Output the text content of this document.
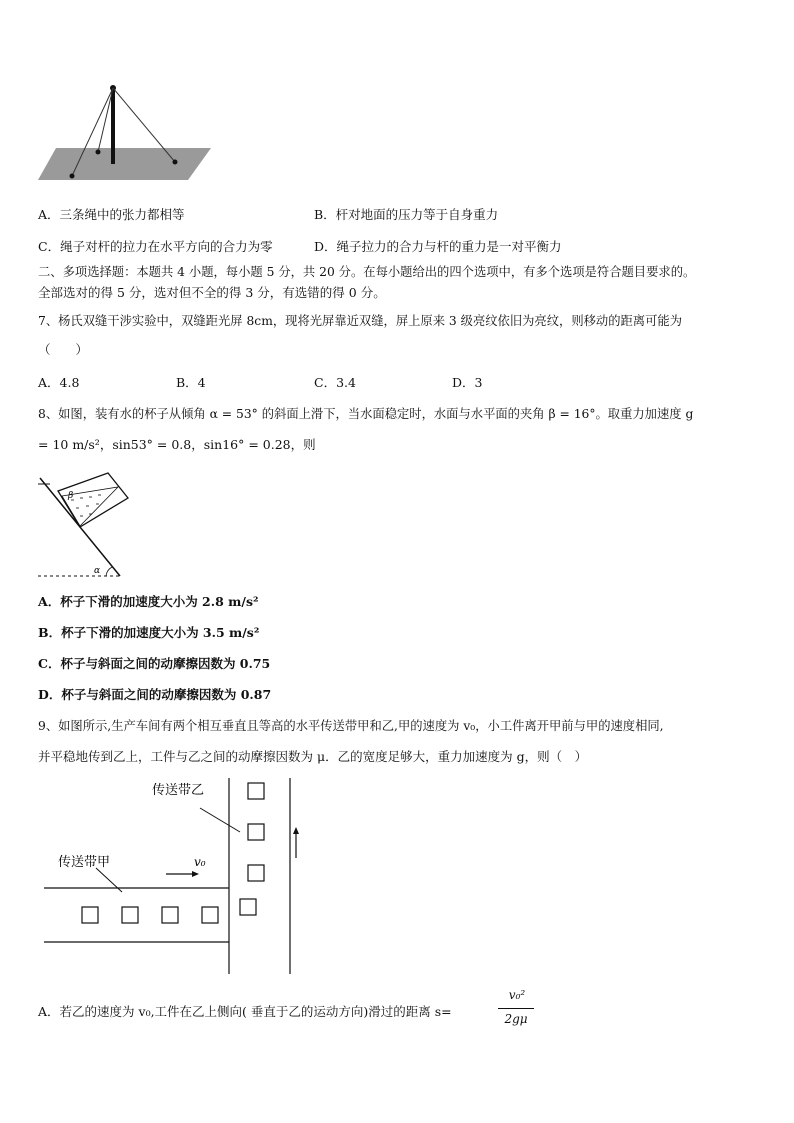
A．三条绳中的张力都相等	B．杆对地面的压力等于自身重力
C．绳子对杆的拉力在水平方向的合力为零	D．绳子拉力的合力与杆的重力是一对平衡力
二、多项选择题：本题共 4 小题，每小题 5 分，共 20 分。在每小题给出的四个选项中，有多个选项是符合题目要求的。
全部选对的得 5 分，选对但不全的得 3 分，有选错的得 0 分。
7、杨氏双缝干涉实验中，双缝距光屏 8cm，现将光屏靠近双缝，屏上原来 3 级亮纹依旧为亮纹，则移动的距离可能为
（　　）
A．4.8	B．4	C．3.4	D．3
8、如图，装有水的杯子从倾角 α = 53° 的斜面上滑下，当水面稳定时，水面与水平面的夹角 β = 16°。取重力加速度 g
= 10 m/s²，sin53° = 0.8，sin16° = 0.28，则
α
β
A．杯子下滑的加速度大小为 2.8 m/s²
B．杯子下滑的加速度大小为 3.5 m/s²
C．杯子与斜面之间的动摩擦因数为 0.75
D．杯子与斜面之间的动摩擦因数为 0.87
9、如图所示,生产车间有两个相互垂直且等高的水平传送带甲和乙,甲的速度为 v₀，小工件离开甲前与甲的速度相同,
并平稳地传到乙上，工件与乙之间的动摩擦因数为 μ．乙的宽度足够大，重力加速度为 g，则（　）
传送带乙
传送带甲	v₀
A．若乙的速度为 v₀,工件在乙上侧向( 垂直于乙的运动方向)滑过的距离 s=
v₀²
2gμ
